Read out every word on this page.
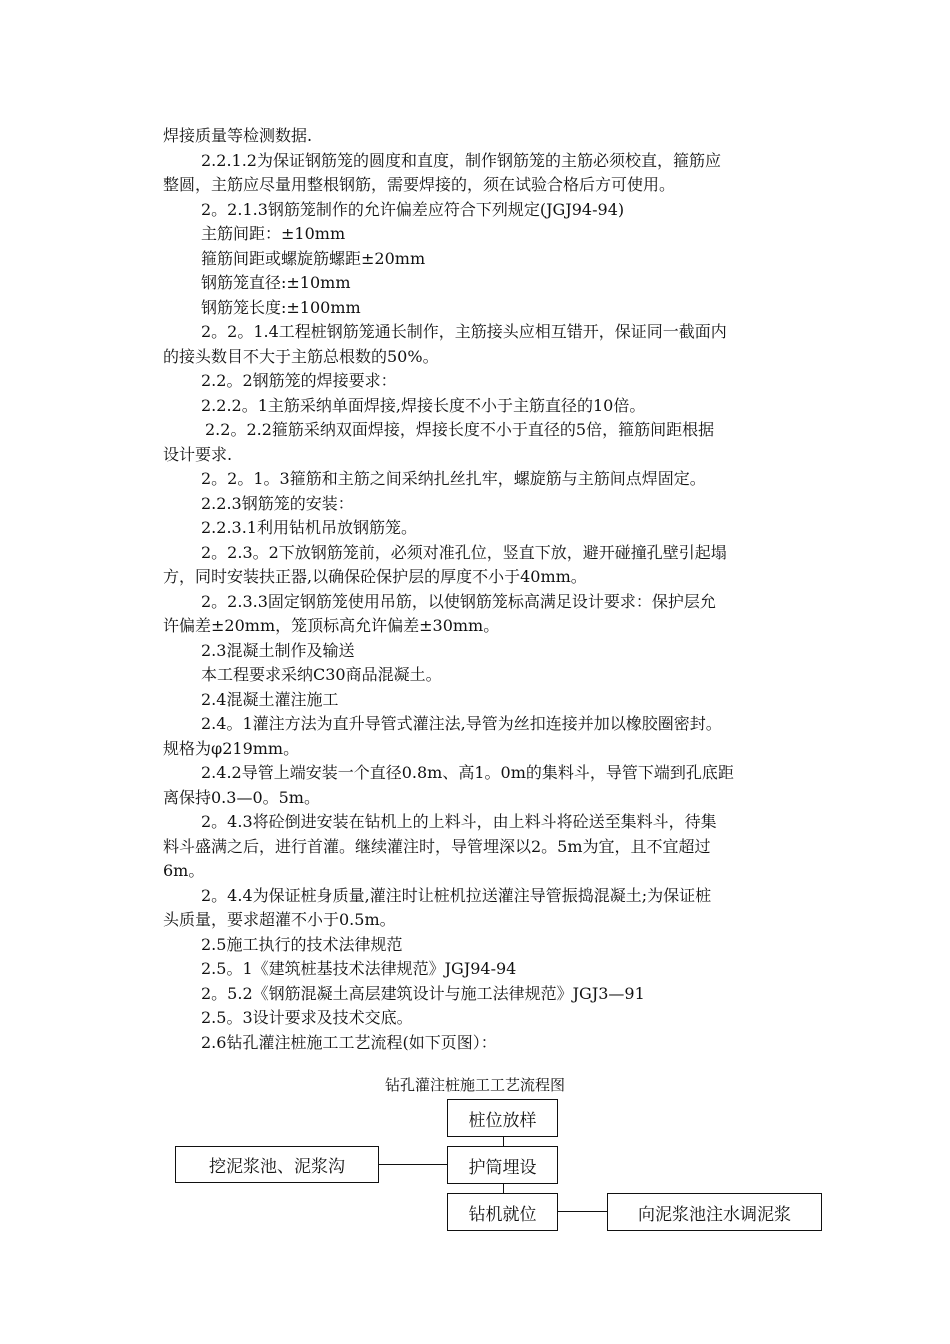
焊接质量等检测数据.
2.2.1.2为保证钢筋笼的圆度和直度，制作钢筋笼的主筋必须校直，箍筋应
整圆，主筋应尽量用整根钢筋，需要焊接的，须在试验合格后方可使用。
2。2.1.3钢筋笼制作的允许偏差应符合下列规定(JGJ94-94)
主筋间距：±10mm
箍筋间距或螺旋筋螺距±20mm
钢筋笼直径:±10mm
钢筋笼长度:±100mm
2。2。1.4工程桩钢筋笼通长制作，主筋接头应相互错开，保证同一截面内
的接头数目不大于主筋总根数的50%。
2.2。2钢筋笼的焊接要求：
2.2.2。1主筋采纳单面焊接,焊接长度不小于主筋直径的10倍。
2.2。2.2箍筋采纳双面焊接，焊接长度不小于直径的5倍，箍筋间距根据
设计要求.
2。2。1。3箍筋和主筋之间采纳扎丝扎牢，螺旋筋与主筋间点焊固定。
2.2.3钢筋笼的安装：
2.2.3.1利用钻机吊放钢筋笼。
2。2.3。2下放钢筋笼前，必须对准孔位，竖直下放，避开碰撞孔壁引起塌
方，同时安装扶正器,以确保砼保护层的厚度不小于40mm。
2。2.3.3固定钢筋笼使用吊筋，以使钢筋笼标高满足设计要求：保护层允
许偏差±20mm，笼顶标高允许偏差±30mm。
2.3混凝土制作及输送
本工程要求采纳C30商品混凝土。
2.4混凝土灌注施工
2.4。1灌注方法为直升导管式灌注法,导管为丝扣连接并加以橡胶圈密封。
规格为φ219mm。
2.4.2导管上端安装一个直径0.8m、高1。0m的集料斗，导管下端到孔底距
离保持0.3—0。5m。
2。4.3将砼倒进安装在钻机上的上料斗，由上料斗将砼送至集料斗，待集
料斗盛满之后，进行首灌。继续灌注时，导管埋深以2。5m为宜，且不宜超过
6m。
2。4.4为保证桩身质量,灌注时让桩机拉送灌注导管振捣混凝土;为保证桩
头质量，要求超灌不小于0.5m。
2.5施工执行的技术法律规范
2.5。1《建筑桩基技术法律规范》JGJ94-94
2。5.2《钢筋混凝土高层建筑设计与施工法律规范》JGJ3—91
2.5。3设计要求及技术交底。
2.6钻孔灌注桩施工工艺流程(如下页图）：
钻孔灌注桩施工工艺流程图
桩位放样
护筒埋设
挖泥浆池、泥浆沟
钻机就位	向泥浆池注水调泥浆
